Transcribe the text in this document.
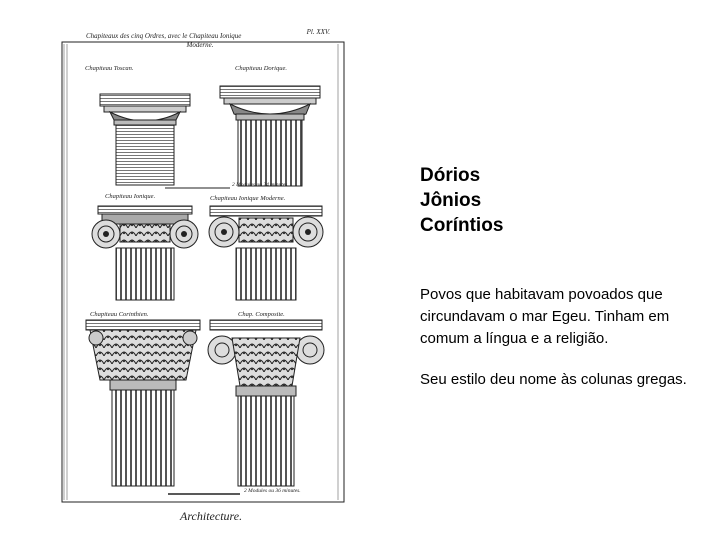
Pl. XXV.
Chapiteaux des cinq Ordres, avec le Chapiteau Ionique
Moderne.
Chapiteau Toscan.	Chapiteau Dorique.
2 Modules ou 24 minutes.
Chapiteau Ionique.	Chapiteau Ionique Moderne.
Chapiteau Corinthien.	Chap. Composite.
2 Modules ou 36 minutes.
Architecture.
Dórios
Jônios
Coríntios

Povos que habitavam povoados que circundavam o mar Egeu. Tinham em comum a língua e a religião.

Seu estilo deu nome às colunas gregas.
